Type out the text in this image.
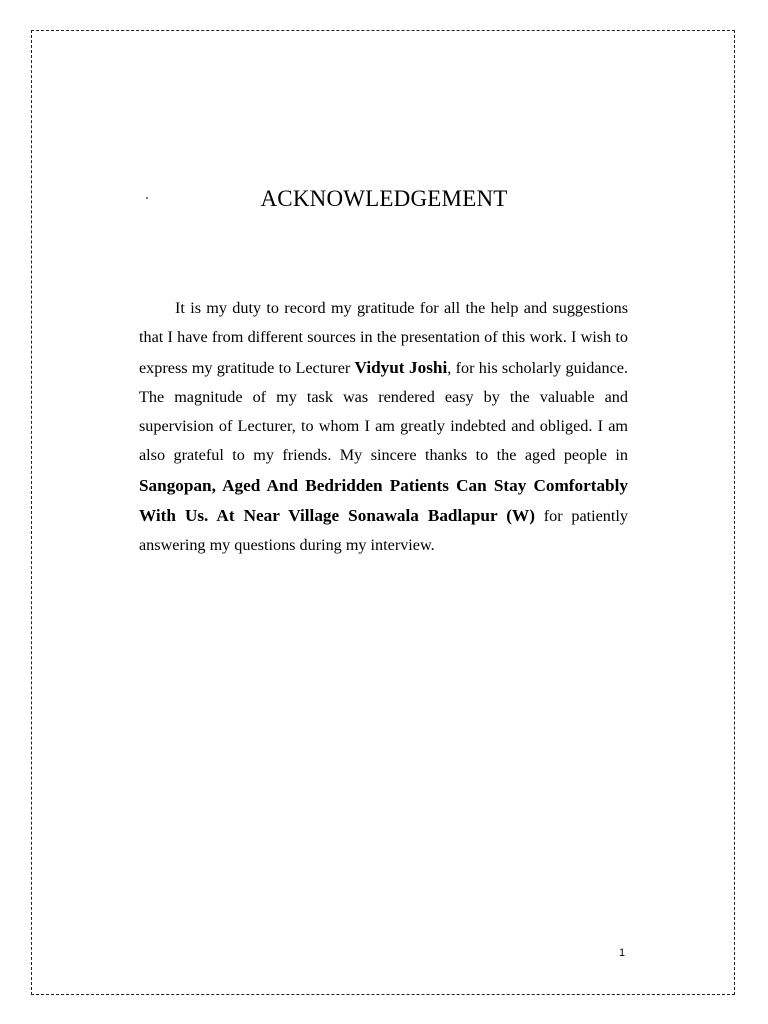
ACKNOWLEDGEMENT

It is my duty to record my gratitude for all the help and suggestions that I have from different sources in the presentation of this work. I wish to express my gratitude to Lecturer Vidyut Joshi, for his scholarly guidance. The magnitude of my task was rendered easy by the valuable and supervision of Lecturer, to whom I am greatly indebted and obliged. I am also grateful to my friends. My sincere thanks to the aged people in Sangopan, Aged And Bedridden Patients Can Stay Comfortably With Us. At Near Village Sonawala Badlapur (W) for patiently answering my questions during my interview.

1
